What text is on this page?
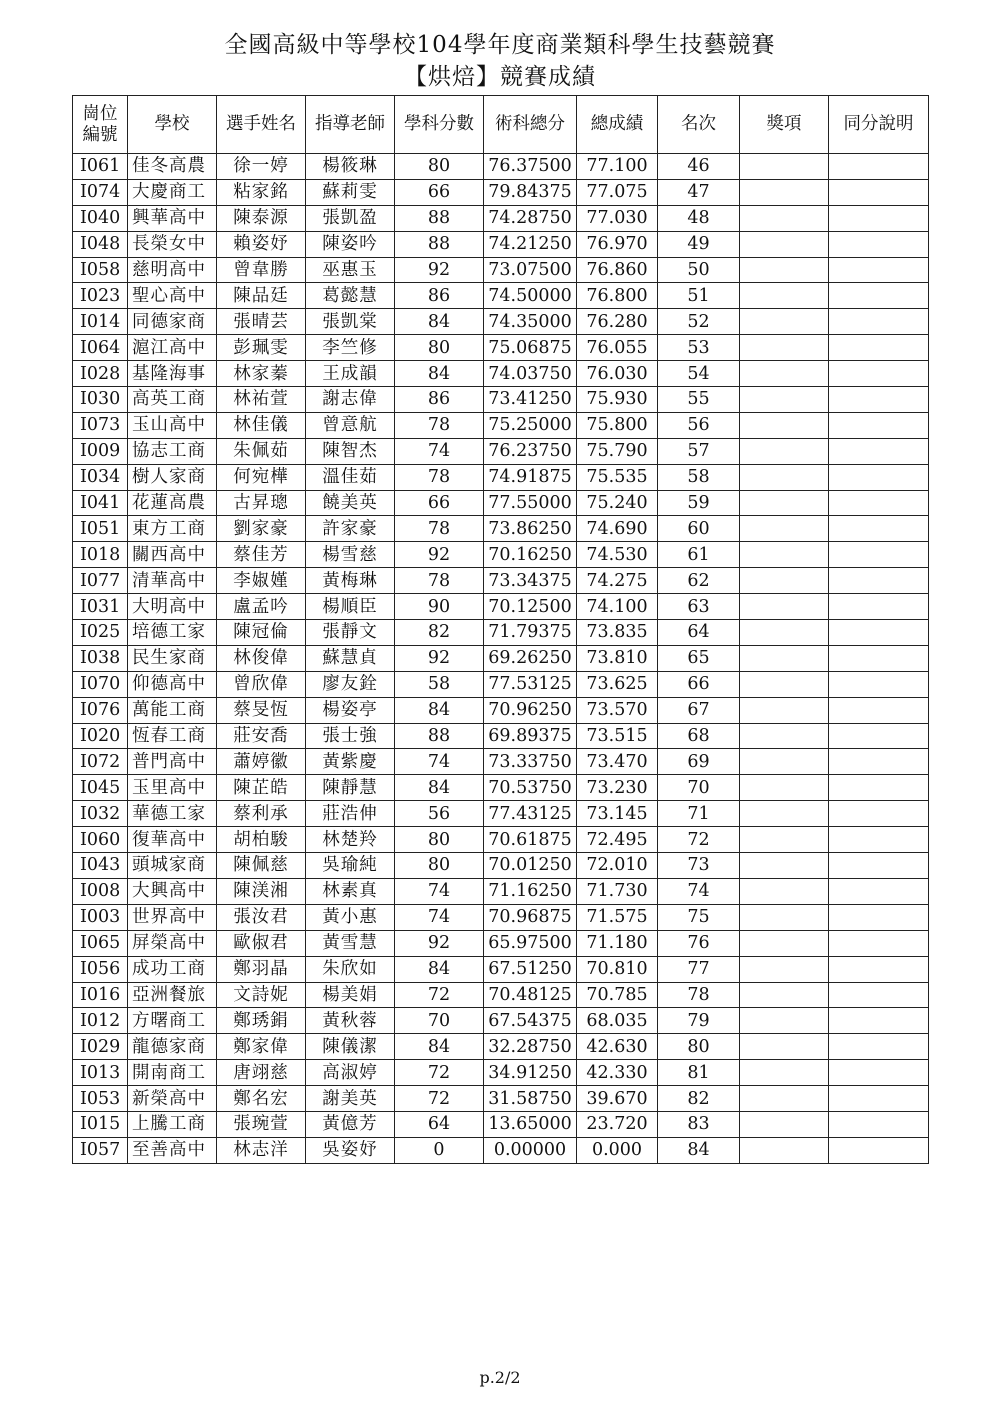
全國高級中等學校104學年度商業類科學生技藝競賽
【烘焙】競賽成績
崗位
編號	學校	選手姓名	指導老師	學科分數	術科總分	總成績	名次	獎項	同分說明
I061	佳冬高農	徐一婷	楊筱琳	80	76.37500	77.100	46		
I074	大慶商工	粘家銘	蘇莉雯	66	79.84375	77.075	47		
I040	興華高中	陳泰源	張凱盈	88	74.28750	77.030	48		
I048	長榮女中	賴姿妤	陳姿吟	88	74.21250	76.970	49		
I058	慈明高中	曾韋勝	巫惠玉	92	73.07500	76.860	50		
I023	聖心高中	陳品廷	葛懿慧	86	74.50000	76.800	51		
I014	同德家商	張晴芸	張凱棠	84	74.35000	76.280	52		
I064	滬江高中	彭珮雯	李竺修	80	75.06875	76.055	53		
I028	基隆海事	林家蓁	王成韻	84	74.03750	76.030	54		
I030	高英工商	林祐萱	謝志偉	86	73.41250	75.930	55		
I073	玉山高中	林佳儀	曾意航	78	75.25000	75.800	56		
I009	協志工商	朱佩茹	陳智杰	74	76.23750	75.790	57		
I034	樹人家商	何宛樺	溫佳茹	78	74.91875	75.535	58		
I041	花蓮高農	古昇璁	饒美英	66	77.55000	75.240	59		
I051	東方工商	劉家豪	許家豪	78	73.86250	74.690	60		
I018	關西高中	蔡佳芳	楊雪慈	92	70.16250	74.530	61		
I077	清華高中	李婌嫤	黃梅琳	78	73.34375	74.275	62		
I031	大明高中	盧孟吟	楊順臣	90	70.12500	74.100	63		
I025	培德工家	陳冠倫	張靜文	82	71.79375	73.835	64		
I038	民生家商	林俊偉	蘇慧貞	92	69.26250	73.810	65		
I070	仰德高中	曾欣偉	廖友銓	58	77.53125	73.625	66		
I076	萬能工商	蔡旻恆	楊姿亭	84	70.96250	73.570	67		
I020	恆春工商	莊安喬	張士強	88	69.89375	73.515	68		
I072	普門高中	蕭婷徽	黃紫慶	74	73.33750	73.470	69		
I045	玉里高中	陳芷皓	陳靜慧	84	70.53750	73.230	70		
I032	華德工家	蔡利承	莊浩伸	56	77.43125	73.145	71		
I060	復華高中	胡柏駿	林楚羚	80	70.61875	72.495	72		
I043	頭城家商	陳佩慈	吳瑜純	80	70.01250	72.010	73		
I008	大興高中	陳渼湘	林素真	74	71.16250	71.730	74		
I003	世界高中	張汝君	黃小惠	74	70.96875	71.575	75		
I065	屏榮高中	歐俶君	黃雪慧	92	65.97500	71.180	76		
I056	成功工商	鄭羽晶	朱欣如	84	67.51250	70.810	77		
I016	亞洲餐旅	文詩妮	楊美娟	72	70.48125	70.785	78		
I012	方曙商工	鄭琇鋗	黃秋蓉	70	67.54375	68.035	79		
I029	龍德家商	鄭家偉	陳儀潔	84	32.28750	42.630	80		
I013	開南商工	唐翊慈	高淑婷	72	34.91250	42.330	81		
I053	新榮高中	鄭名宏	謝美英	72	31.58750	39.670	82		
I015	上騰工商	張琬萱	黃億芳	64	13.65000	23.720	83		
I057	至善高中	林志洋	吳姿妤	0	0.00000	0.000	84		
p.2/2
